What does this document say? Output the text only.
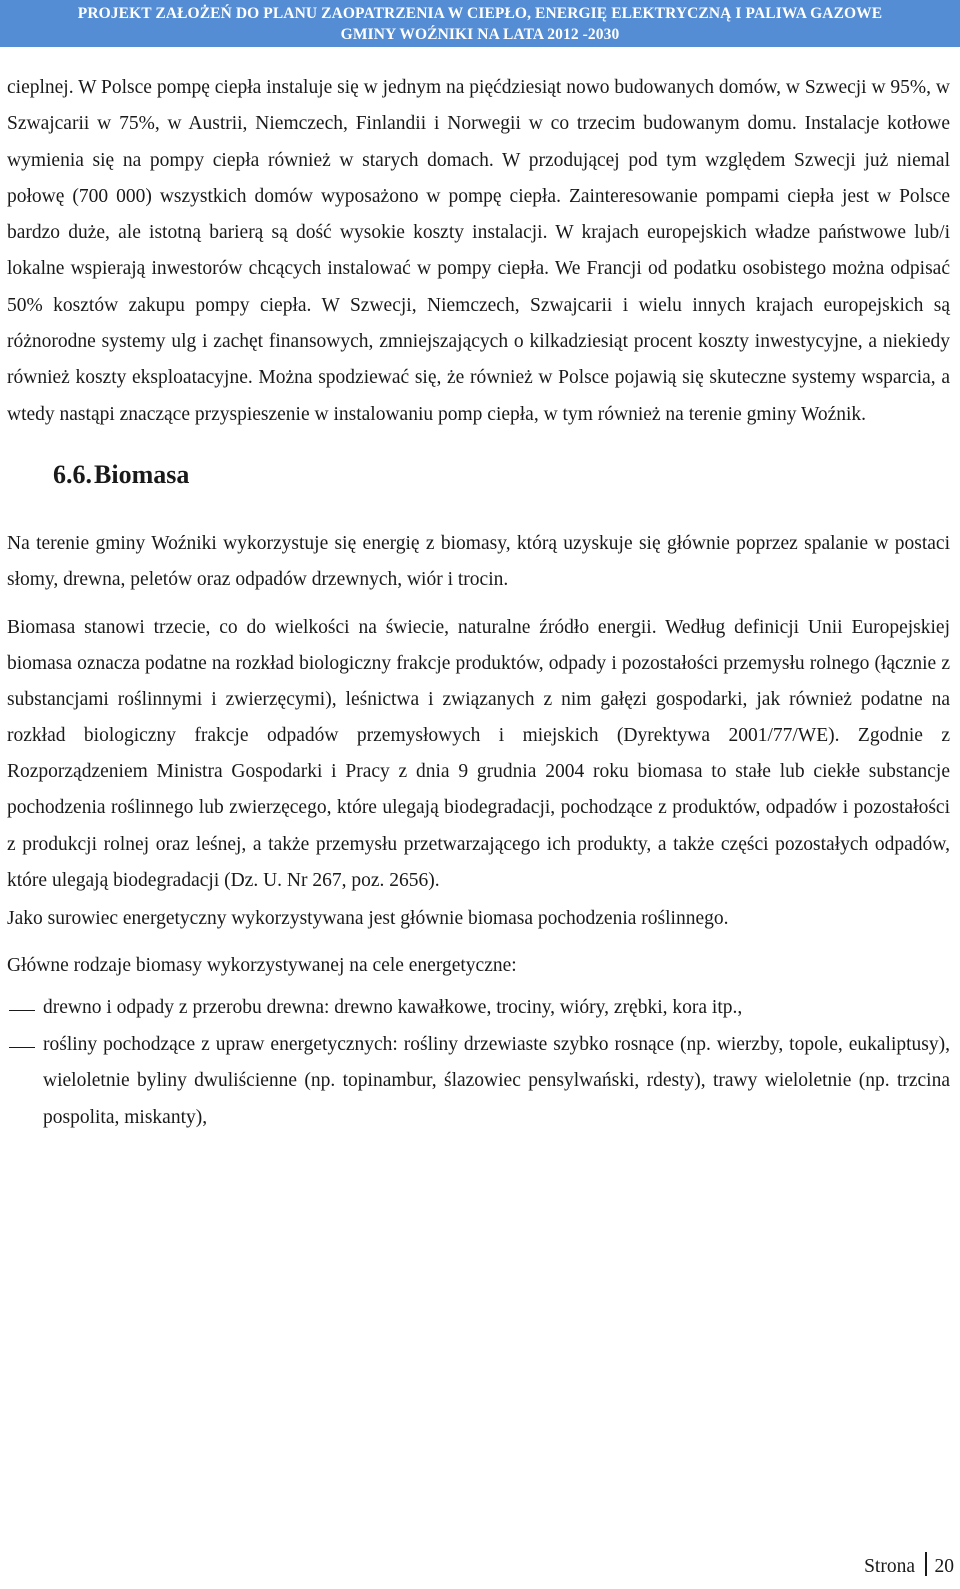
PROJEKT ZAŁOŻEŃ DO PLANU ZAOPATRZENIA W CIEPŁO, ENERGIĘ ELEKTRYCZNĄ I PALIWA GAZOWE
GMINY WOŹNIKI NA LATA 2012 -2030

cieplnej. W Polsce pompę ciepła instaluje się w jednym na pięćdziesiąt nowo budowanych domów, w Szwecji w 95%, w Szwajcarii w 75%, w Austrii, Niemczech, Finlandii i Norwegii w co trzecim budowanym domu. Instalacje kotłowe wymienia się na pompy ciepła również w starych domach. W przodującej pod tym względem Szwecji już niemal połowę (700 000) wszystkich domów wyposażono w pompę ciepła. Zainteresowanie pompami ciepła jest w Polsce bardzo duże, ale istotną barierą są dość wysokie koszty instalacji. W krajach europejskich władze państwowe lub/i lokalne wspierają inwestorów chcących instalować w pompy ciepła. We Francji od podatku osobistego można odpisać 50% kosztów zakupu pompy ciepła. W Szwecji, Niemczech, Szwajcarii i wielu innych krajach europejskich są różnorodne systemy ulg i zachęt finansowych, zmniejszających o kilkadziesiąt procent koszty inwestycyjne, a niekiedy również koszty eksploatacyjne. Można spodziewać się, że również w Polsce pojawią się skuteczne systemy wsparcia, a wtedy nastąpi znaczące przyspieszenie w instalowaniu pomp ciepła, w tym również na terenie gminy Woźnik.

6.6.Biomasa

Na terenie gminy Woźniki wykorzystuje się energię z biomasy, którą uzyskuje się głównie poprzez spalanie w postaci słomy, drewna, peletów oraz odpadów drzewnych, wiór i trocin.

Biomasa stanowi trzecie, co do wielkości na świecie, naturalne źródło energii. Według definicji Unii Europejskiej biomasa oznacza podatne na rozkład biologiczny frakcje produktów, odpady i pozostałości przemysłu rolnego (łącznie z substancjami roślinnymi i zwierzęcymi), leśnictwa i związanych z nim gałęzi gospodarki, jak również podatne na rozkład biologiczny frakcje odpadów przemysłowych i miejskich (Dyrektywa 2001/77/WE). Zgodnie z Rozporządzeniem Ministra Gospodarki i Pracy z dnia 9 grudnia 2004 roku biomasa to stałe lub ciekłe substancje pochodzenia roślinnego lub zwierzęcego, które ulegają biodegradacji, pochodzące z produktów, odpadów i pozostałości z produkcji rolnej oraz leśnej, a także przemysłu przetwarzającego ich produkty, a także części pozostałych odpadów, które ulegają biodegradacji (Dz. U. Nr 267, poz. 2656).

Jako surowiec energetyczny wykorzystywana jest głównie biomasa pochodzenia roślinnego.

Główne rodzaje biomasy wykorzystywanej na cele energetyczne:

drewno i odpady z przerobu drewna: drewno kawałkowe, trociny, wióry, zrębki, kora itp.,
rośliny pochodzące z upraw energetycznych: rośliny drzewiaste szybko rosnące (np. wierzby, topole, eukaliptusy), wieloletnie byliny dwuliścienne (np. topinambur, ślazowiec pensylwański, rdesty), trawy wieloletnie (np. trzcina pospolita, miskanty),
Strona 20
